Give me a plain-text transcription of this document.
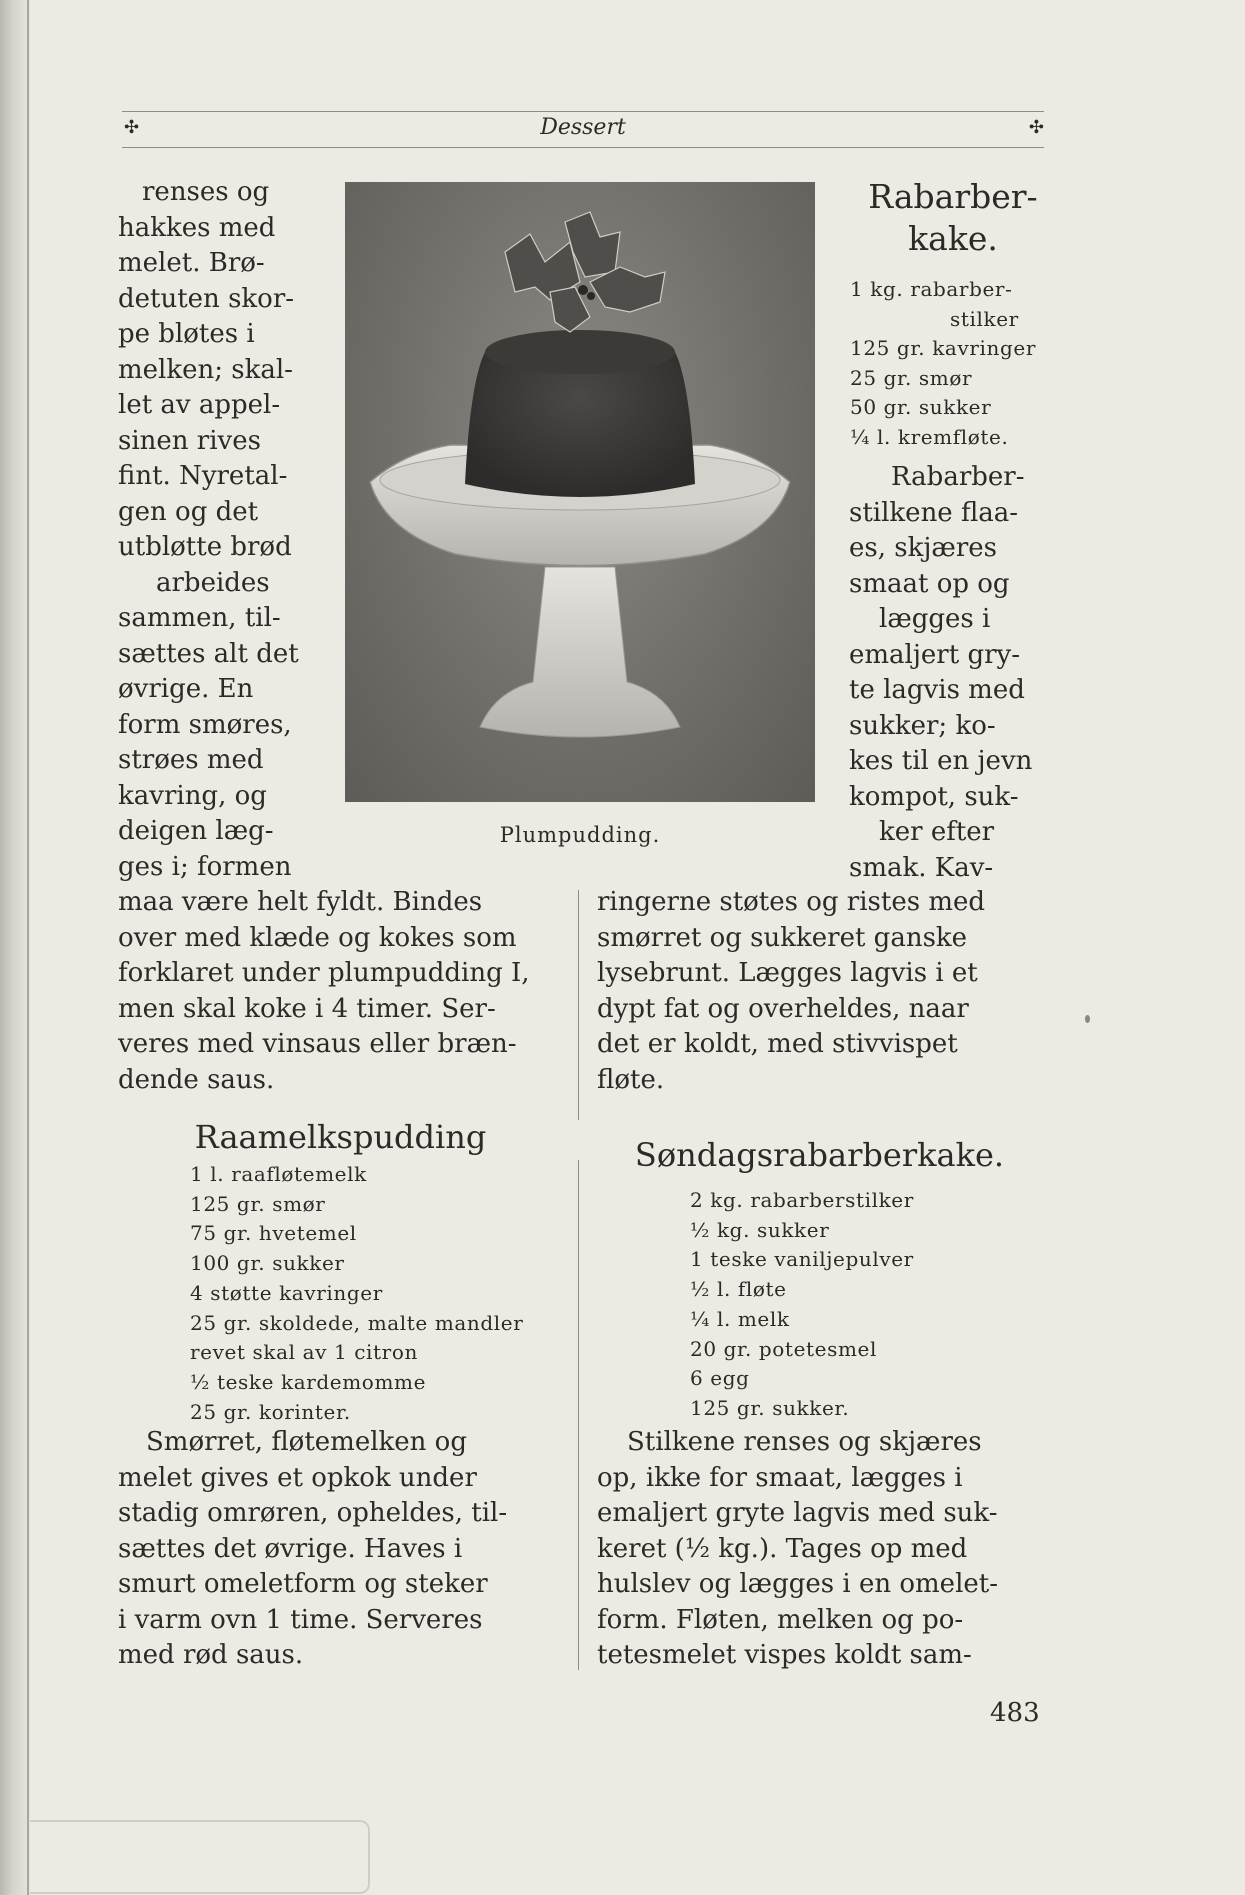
✣	Dessert	✣
Plumpudding.
renses og
hakkes med
melet. Brø-
detuten skor-
pe bløtes i
melken; skal-
let av appel-
sinen rives
fint. Nyretal-
gen og det
utbløtte brød
arbeides
sammen, til-
sættes alt det
øvrige. En
form smøres,
strøes med
kavring, og
deigen læg-
ges i; formen
maa være helt fyldt. Bindes
over med klæde og kokes som
forklaret under plumpudding I,
men skal koke i 4 timer. Ser-
veres med vinsaus eller bræn-
dende saus.
Raamelkspudding
1 l. raafløtemelk
125 gr. smør
75 gr. hvetemel
100 gr. sukker
4 støtte kavringer
25 gr. skoldede, malte mandler
revet skal av 1 citron
½ teske kardemomme
25 gr. korinter.
Smørret, fløtemelken og
melet gives et opkok under
stadig omrøren, opheldes, til-
sættes det øvrige. Haves i
smurt omeletform og steker
i varm ovn 1 time. Serveres
med rød saus.
Rabarber-
kake.
1 kg. rabarber-
stilker
125 gr. kavringer
25 gr. smør
50 gr. sukker
¼ l. kremfløte.
Rabarber-
stilkene flaa-
es, skjæres
smaat op og
lægges i
emaljert gry-
te lagvis med
sukker; ko-
kes til en jevn
kompot, suk-
ker efter
smak. Kav-
ringerne støtes og ristes med
smørret og sukkeret ganske
lysebrunt. Lægges lagvis i et
dypt fat og overheldes, naar
det er koldt, med stivvispet
fløte.
Søndagsrabarberkake.
2 kg. rabarberstilker
½ kg. sukker
1 teske vaniljepulver
½ l. fløte
¼ l. melk
20 gr. potetesmel
6 egg
125 gr. sukker.
Stilkene renses og skjæres
op, ikke for smaat, lægges i
emaljert gryte lagvis med suk-
keret (½ kg.). Tages op med
hulslev og lægges i en omelet-
form. Fløten, melken og po-
tetesmelet vispes koldt sam-
483
